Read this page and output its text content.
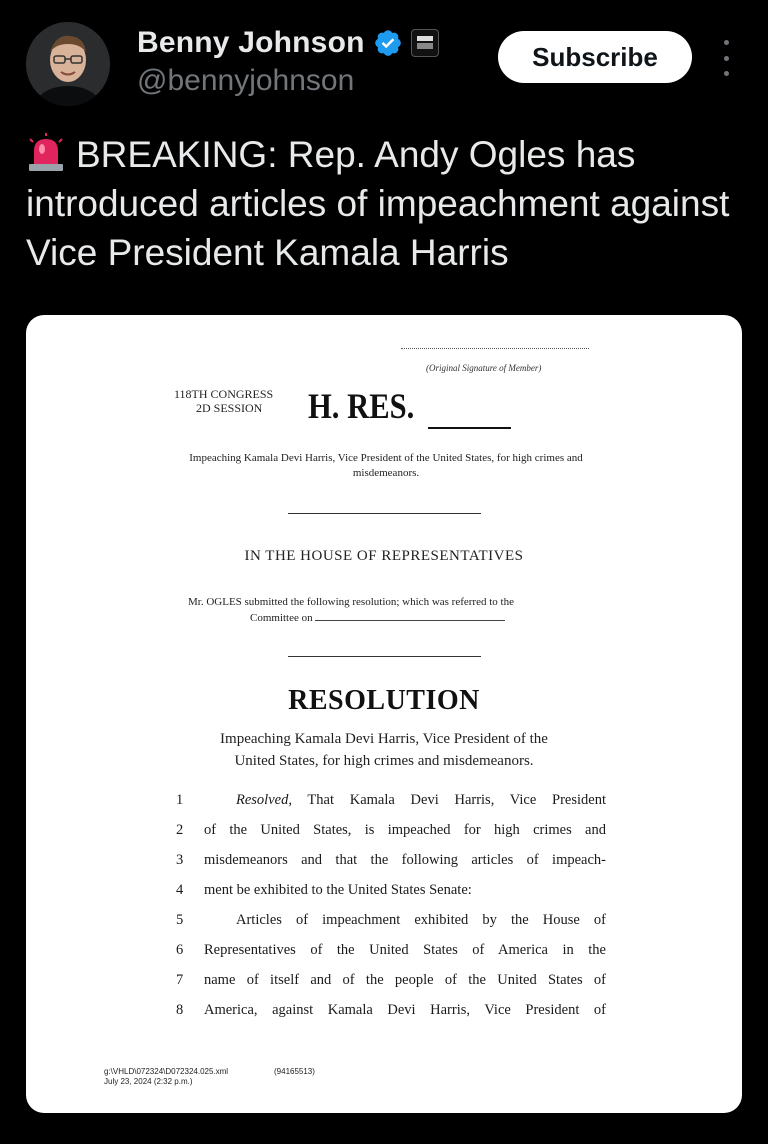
Benny Johnson
@bennyjohnson
Subscribe
BREAKING: Rep. Andy Ogles has introduced articles of impeachment against Vice President Kamala Harris
(Original Signature of Member)
118TH CONGRESS
2D SESSION	H. RES.
Impeaching Kamala Devi Harris, Vice President of the United States, for high crimes and misdemeanors.
IN THE HOUSE OF REPRESENTATIVES
Mr. OGLES submitted the following resolution; which was referred to the
Committee on
RESOLUTION
Impeaching Kamala Devi Harris, Vice President of the
United States, for high crimes and misdemeanors.
1	Resolved, That Kamala Devi Harris, Vice President
2	of the United States, is impeached for high crimes and
3	misdemeanors and that the following articles of impeach-
4	ment be exhibited to the United States Senate:
5	Articles of impeachment exhibited by the House of
6	Representatives of the United States of America in the
7	name of itself and of the people of the United States of
8	America, against Kamala Devi Harris, Vice President of
g:\VHLD\072324\D072324.025.xml
July 23, 2024 (2:32 p.m.)
(94165513)
